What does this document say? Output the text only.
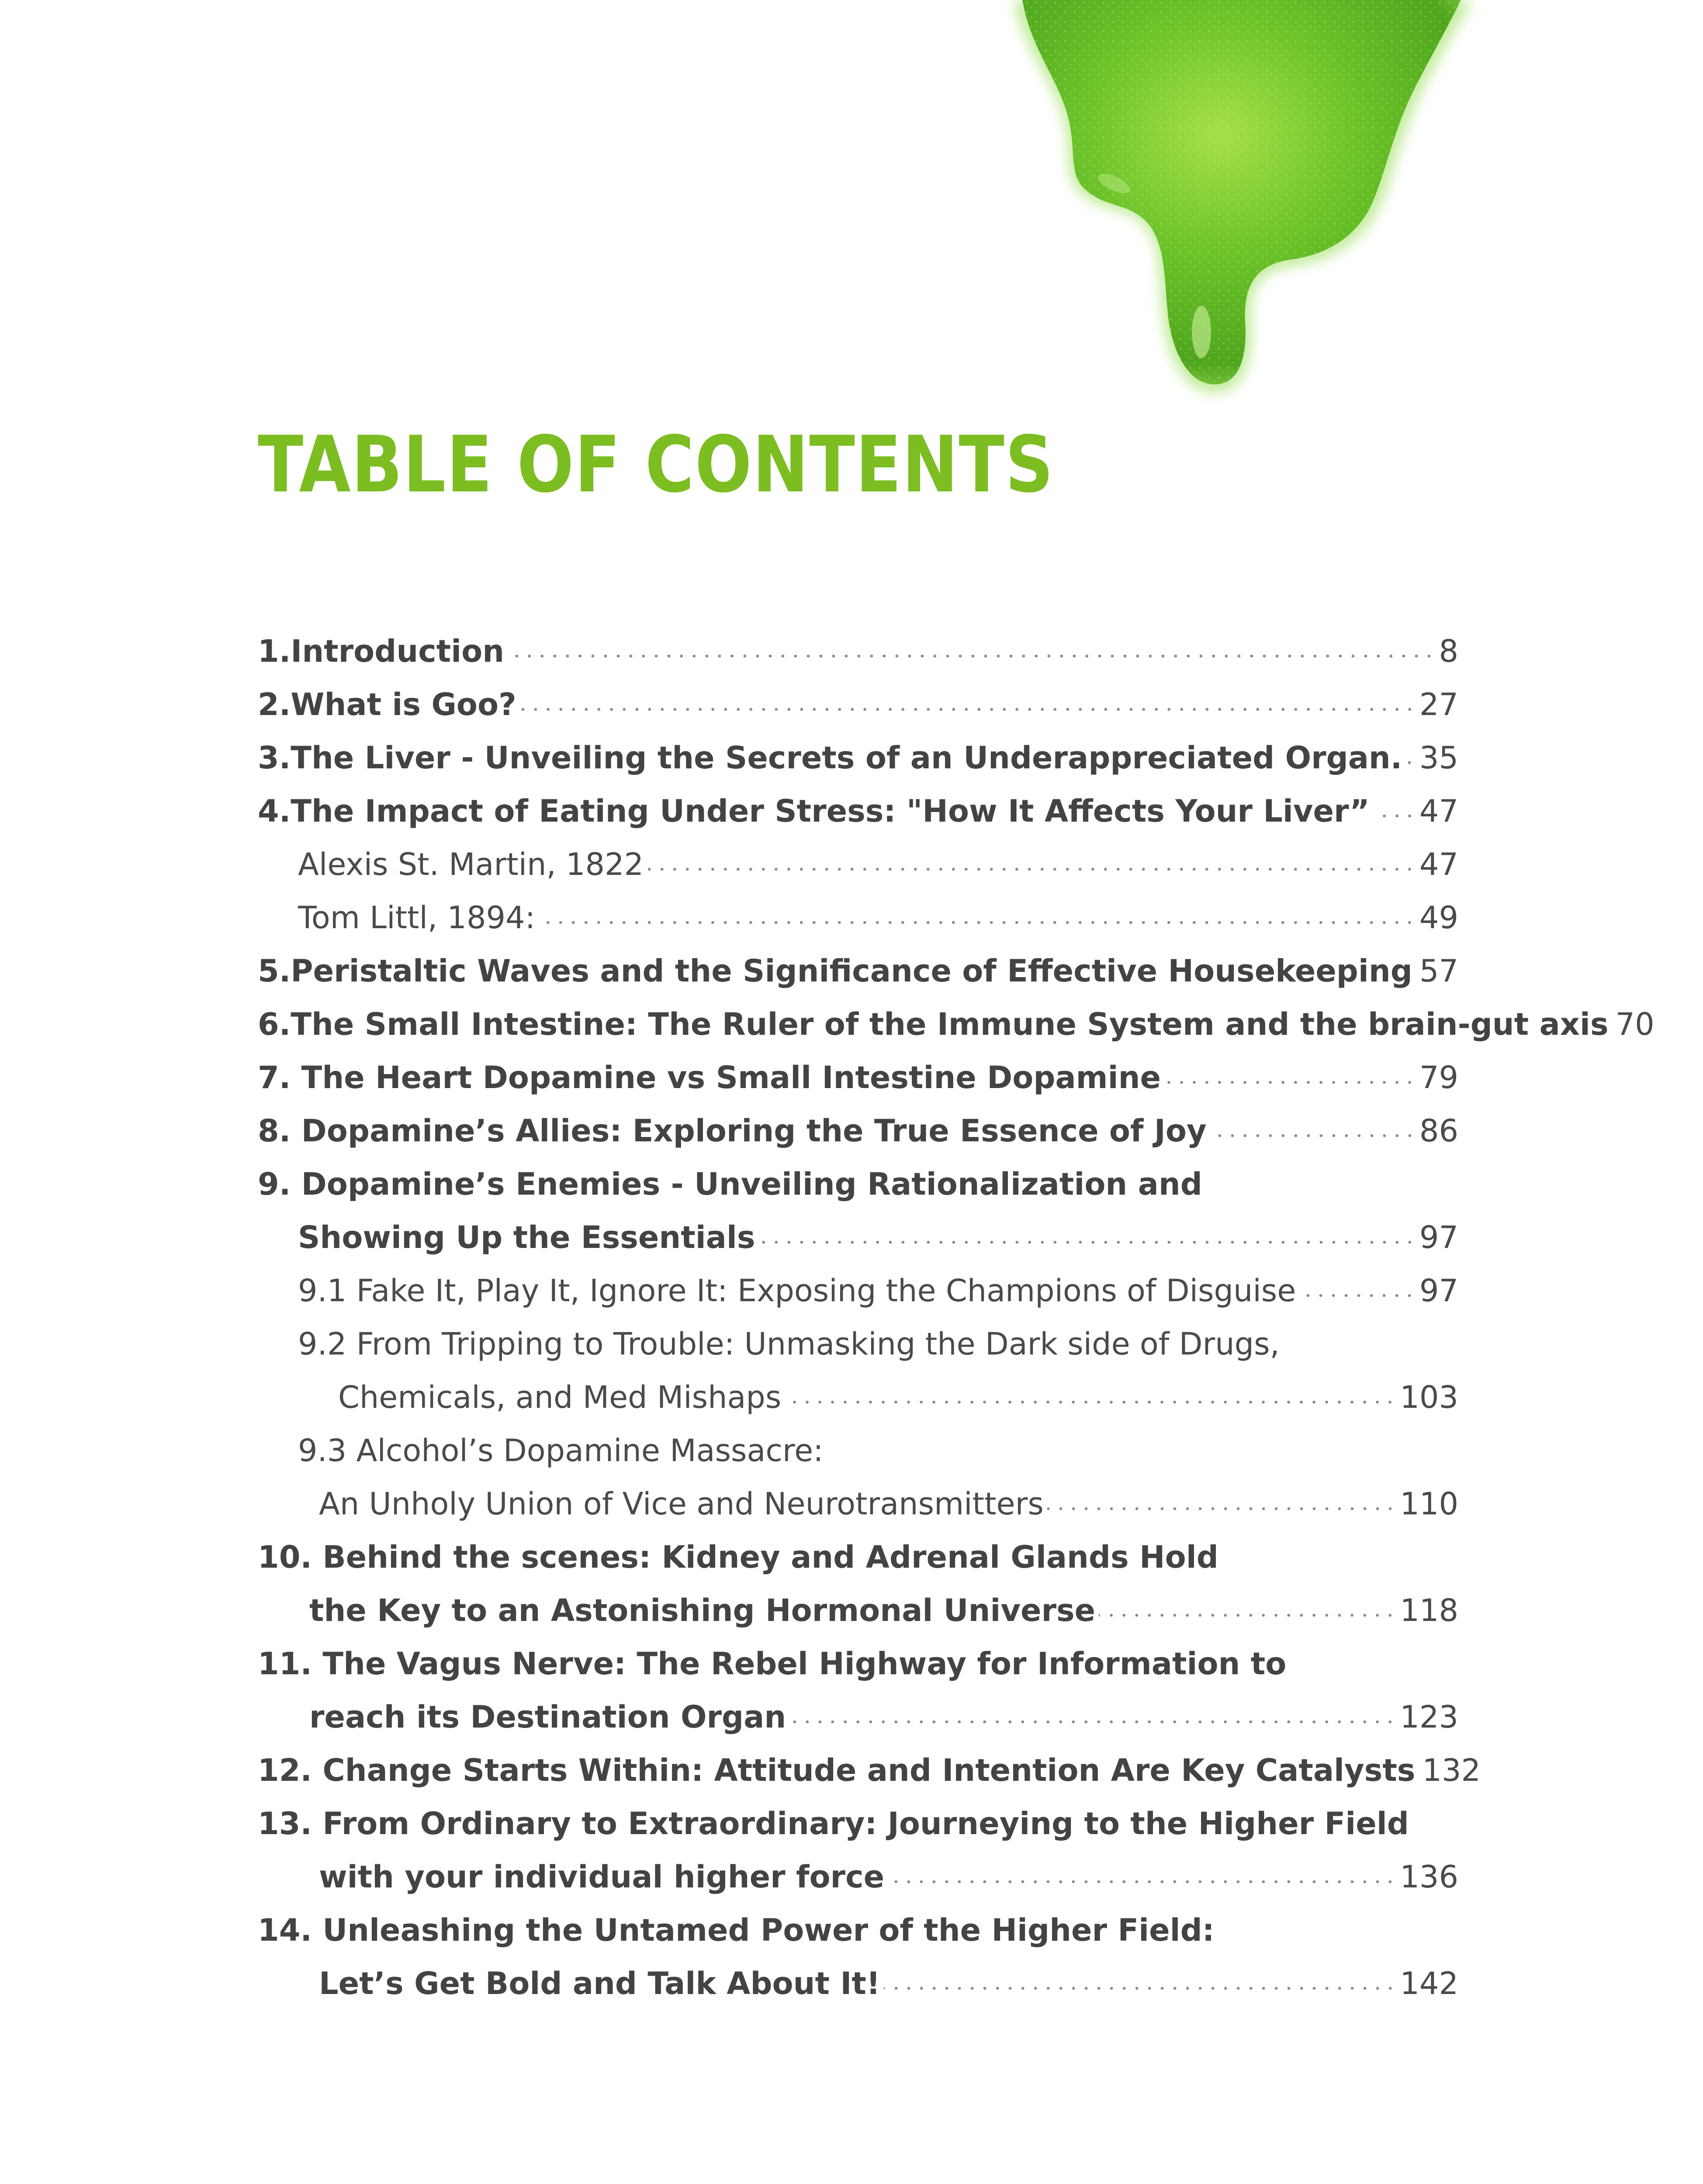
TABLE OF CONTENTS
1.Introduction	8
2.What is Goo?	27
3.The Liver - Unveiling the Secrets of an Underappreciated Organ. 35
4.The Impact of Eating Under Stress: "How It Affects Your Liver” 47
Alexis St. Martin, 1822	47
Tom Littl, 1894:	49
5.Peristaltic Waves and the Significance of Effective Housekeeping 57
6.The Small Intestine: The Ruler of the Immune System and the brain-gut axis 70
7. The Heart Dopamine vs Small Intestine Dopamine	79
8. Dopamine’s Allies: Exploring the True Essence of Joy	86
9. Dopamine’s Enemies - Unveiling Rationalization and
Showing Up the Essentials	97
9.1 Fake It, Play It, Ignore It: Exposing the Champions of Disguise	97
9.2 From Tripping to Trouble: Unmasking the Dark side of Drugs,
Chemicals, and Med Mishaps	103
9.3 Alcohol’s Dopamine Massacre:
An Unholy Union of Vice and Neurotransmitters	110
10. Behind the scenes: Kidney and Adrenal Glands Hold
the Key to an Astonishing Hormonal Universe	118
11. The Vagus Nerve: The Rebel Highway for Information to
reach its Destination Organ	123
12. Change Starts Within: Attitude and Intention Are Key Catalysts 132
13. From Ordinary to Extraordinary: Journeying to the Higher Field
with your individual higher force	136
14. Unleashing the Untamed Power of the Higher Field:
Let’s Get Bold and Talk About It!	142
